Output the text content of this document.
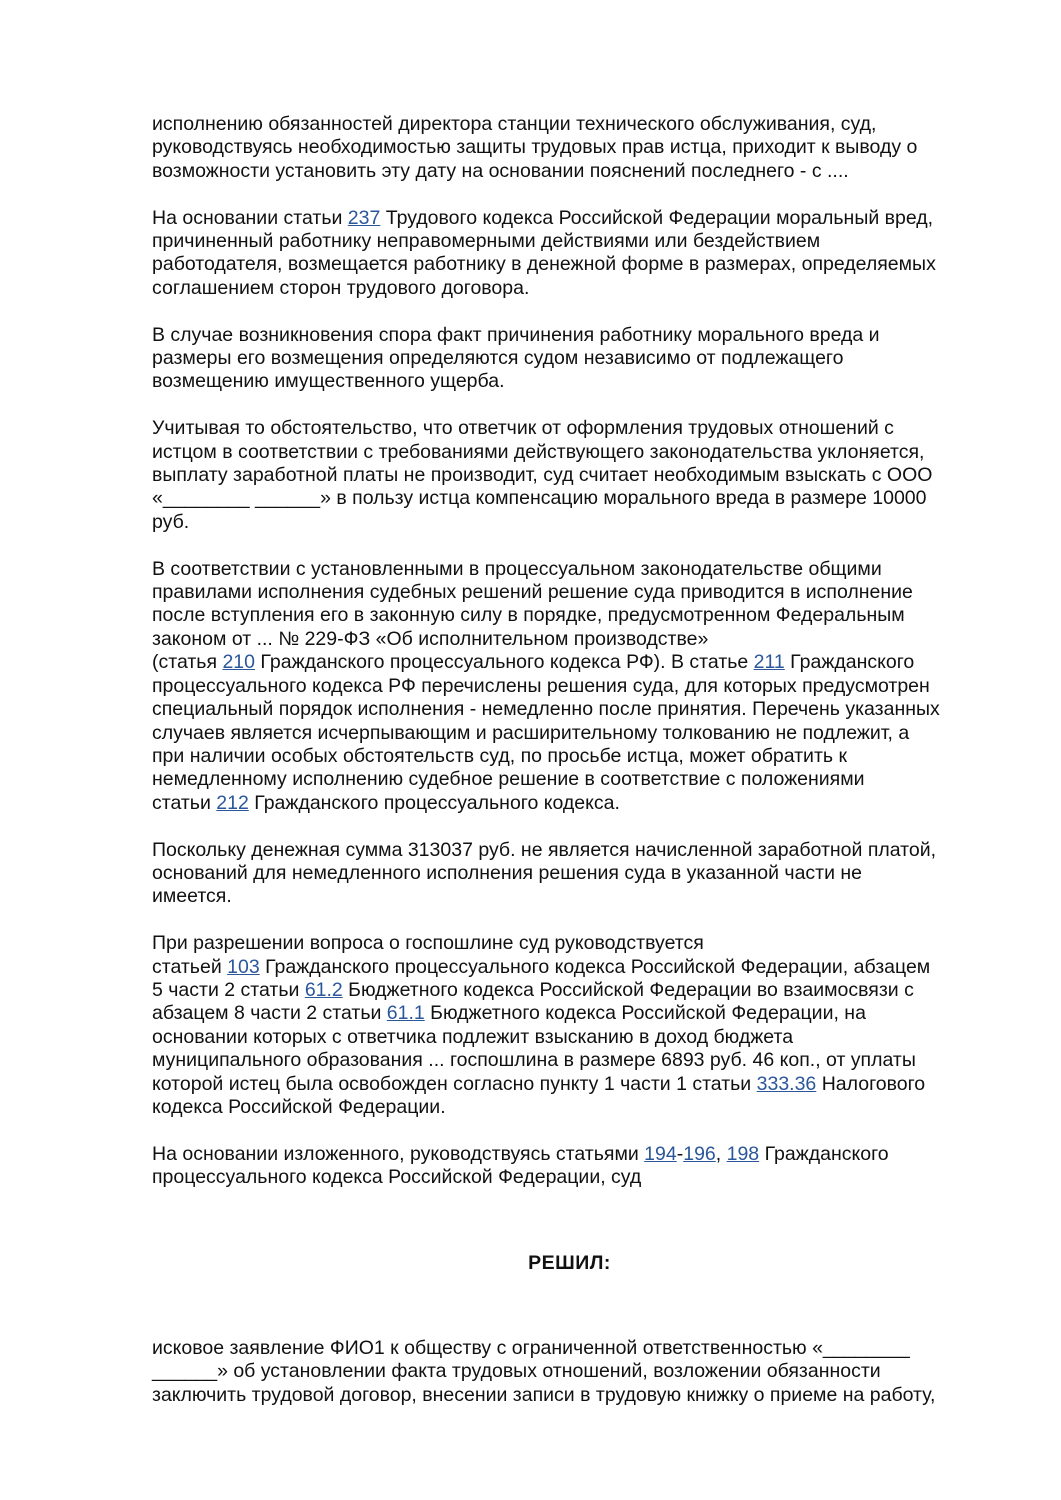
исполнению обязанностей директора станции технического обслуживания, суд,
руководствуясь необходимостью защиты трудовых прав истца, приходит к выводу о
возможности установить эту дату на основании пояснений последнего - с ....

На основании статьи 237 Трудового кодекса Российской Федерации моральный вред,
причиненный работнику неправомерными действиями или бездействием
работодателя, возмещается работнику в денежной форме в размерах, определяемых
соглашением сторон трудового договора.

В случае возникновения спора факт причинения работнику морального вреда и
размеры его возмещения определяются судом независимо от подлежащего
возмещению имущественного ущерба.

Учитывая то обстоятельство, что ответчик от оформления трудовых отношений с
истцом в соответствии с требованиями действующего законодательства уклоняется,
выплату заработной платы не производит, суд считает необходимым взыскать с ООО
«________ ______» в пользу истца компенсацию морального вреда в размере 10000
руб.

В соответствии с установленными в процессуальном законодательстве общими
правилами исполнения судебных решений решение суда приводится в исполнение
после вступления его в законную силу в порядке, предусмотренном Федеральным
законом от ... № 229-ФЗ «Об исполнительном производстве»
(статья 210 Гражданского процессуального кодекса РФ). В статье 211 Гражданского
процессуального кодекса РФ перечислены решения суда, для которых предусмотрен
специальный порядок исполнения - немедленно после принятия. Перечень указанных
случаев является исчерпывающим и расширительному толкованию не подлежит, а
при наличии особых обстоятельств суд, по просьбе истца, может обратить к
немедленному исполнению судебное решение в соответствие с положениями
статьи 212 Гражданского процессуального кодекса.

Поскольку денежная сумма 313037 руб. не является начисленной заработной платой,
оснований для немедленного исполнения решения суда в указанной части не
имеется.

При разрешении вопроса о госпошлине суд руководствуется
статьей 103 Гражданского процессуального кодекса Российской Федерации, абзацем
5 части 2 статьи 61.2 Бюджетного кодекса Российской Федерации во взаимосвязи с
абзацем 8 части 2 статьи 61.1 Бюджетного кодекса Российской Федерации, на
основании которых с ответчика подлежит взысканию в доход бюджета
муниципального образования ... госпошлина в размере 6893 руб. 46 коп., от уплаты
которой истец была освобожден согласно пункту 1 части 1 статьи 333.36 Налогового
кодекса Российской Федерации.

На основании изложенного, руководствуясь статьями 194-196, 198 Гражданского
процессуального кодекса Российской Федерации, суд

РЕШИЛ:

исковое заявление ФИО1 к обществу с ограниченной ответственностью «________
______» об установлении факта трудовых отношений, возложении обязанности
заключить трудовой договор, внесении записи в трудовую книжку о приеме на работу,
